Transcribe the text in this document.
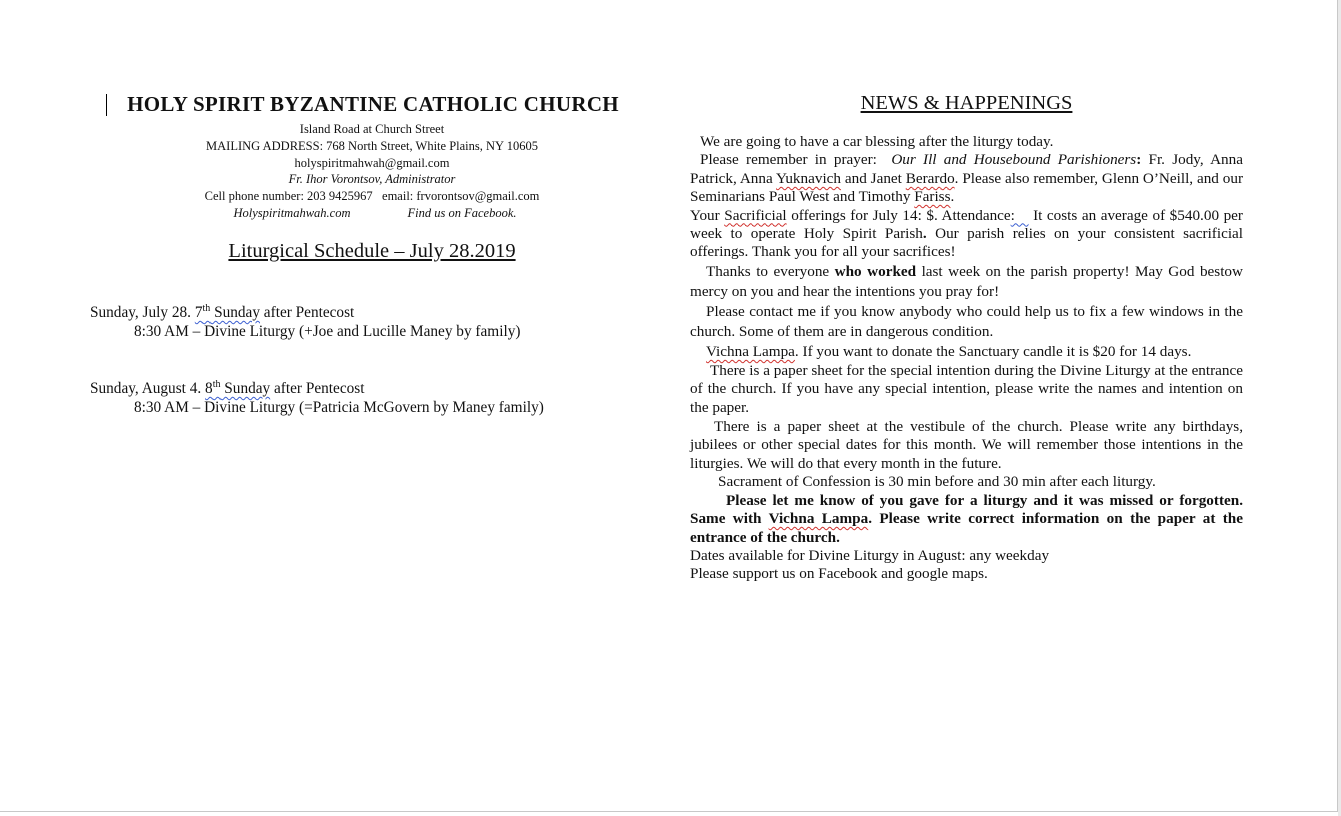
HOLY SPIRIT BYZANTINE CATHOLIC CHURCH
Island Road at Church Street
MAILING ADDRESS: 768 North Street, White Plains, NY 10605
holyspiritmahwah@gmail.com
Fr. Ihor Vorontsov, Administrator
Cell phone number: 203 9425967   email: frvorontsov@gmail.com
Holyspiritmahwah.com	Find us on Facebook.
Liturgical Schedule – July 28.2019
Sunday, July 28. 7th Sunday after Pentecost
8:30 AM – Divine Liturgy (+Joe and Lucille Maney by family)
Sunday, August 4. 8th Sunday after Pentecost
8:30 AM – Divine Liturgy (=Patricia McGovern by Maney family)
NEWS & HAPPENINGS

We are going to have a car blessing after the liturgy today.

Please remember in prayer:  Our Ill and Housebound Parishioners: Fr. Jody, Anna Patrick, Anna Yuknavich and Janet Berardo. Please also remember, Glenn O’Neill, and our Seminarians Paul West and Timothy Fariss.

Your Sacrificial offerings for July 14: $. Attendance:    It costs an average of $540.00 per week to operate Holy Spirit Parish. Our parish relies on your consistent sacrificial offerings. Thank you for all your sacrifices!

Thanks to everyone who worked last week on the parish property! May God bestow mercy on you and hear the intentions you pray for!

Please contact me if you know anybody who could help us to fix a few windows in the church. Some of them are in dangerous condition.

Vichna Lampa. If you want to donate the Sanctuary candle it is $20 for 14 days.

There is a paper sheet for the special intention during the Divine Liturgy at the entrance of the church. If you have any special intention, please write the names and intention on the paper.

There is a paper sheet at the vestibule of the church. Please write any birthdays, jubilees or other special dates for this month. We will remember those intentions in the liturgies. We will do that every month in the future.

Sacrament of Confession is 30 min before and 30 min after each liturgy.

Please let me know of you gave for a liturgy and it was missed or forgotten. Same with Vichna Lampa. Please write correct information on the paper at the entrance of the church.

Dates available for Divine Liturgy in August: any weekday

Please support us on Facebook and google maps.
